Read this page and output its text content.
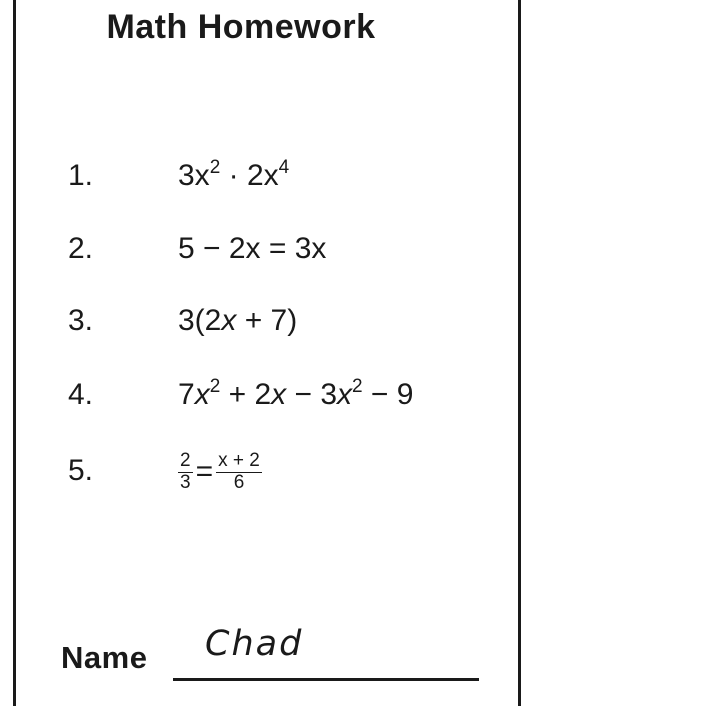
Math Homework
1.	$3x^2 \cdot 2x^4$
2.	5 − 2x = 3x
3.	3(2x + 7)
4.	$7x^2 + 2x - 3x^2 - 9$
5.	$\frac{2}{3} = \frac{x + 2}{6}$
Name Chad
